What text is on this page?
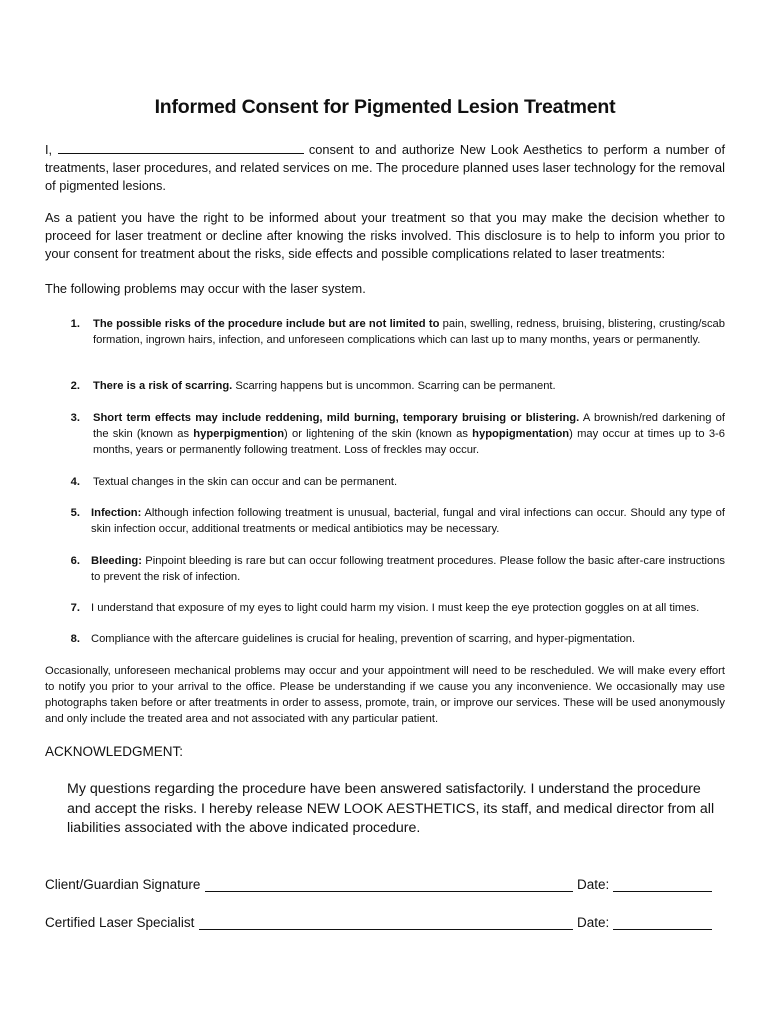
Informed Consent for Pigmented Lesion Treatment
I,	consent to and authorize New Look Aesthetics to perform a number of treatments, laser procedures, and related services on me. The procedure planned uses laser technology for the removal of pigmented lesions.
As a patient you have the right to be informed about your treatment so that you may make the decision whether to proceed for laser treatment or decline after knowing the risks involved. This disclosure is to help to inform you prior to your consent for treatment about the risks, side effects and possible complications related to laser treatments:
The following problems may occur with the laser system.
1. The possible risks of the procedure include but are not limited to pain, swelling, redness, bruising, blistering, crusting/scab formation, ingrown hairs, infection, and unforeseen complications which can last up to many months, years or permanently.
2. There is a risk of scarring. Scarring happens but is uncommon. Scarring can be permanent.
3. Short term effects may include reddening, mild burning, temporary bruising or blistering. A brownish/red darkening of the skin (known as hyperpigmention) or lightening of the skin (known as hypopigmentation) may occur at times up to 3-6 months, years or permanently following treatment. Loss of freckles may occur.
4. Textual changes in the skin can occur and can be permanent.
5. Infection: Although infection following treatment is unusual, bacterial, fungal and viral infections can occur. Should any type of skin infection occur, additional treatments or medical antibiotics may be necessary.
6. Bleeding: Pinpoint bleeding is rare but can occur following treatment procedures. Please follow the basic after-care instructions to prevent the risk of infection.
7. I understand that exposure of my eyes to light could harm my vision. I must keep the eye protection goggles on at all times.
8. Compliance with the aftercare guidelines is crucial for healing, prevention of scarring, and hyper-pigmentation.
Occasionally, unforeseen mechanical problems may occur and your appointment will need to be rescheduled. We will make every effort to notify you prior to your arrival to the office. Please be understanding if we cause you any inconvenience. We occasionally may use photographs taken before or after treatments in order to assess, promote, train, or improve our services. These will be used anonymously and only include the treated area and not associated with any particular patient.
ACKNOWLEDGMENT:
My questions regarding the procedure have been answered satisfactorily. I understand the procedure and accept the risks. I hereby release NEW LOOK AESTHETICS, its staff, and medical director from all liabilities associated with the above indicated procedure.
Client/Guardian Signature	Date:
Certified Laser Specialist	Date:
